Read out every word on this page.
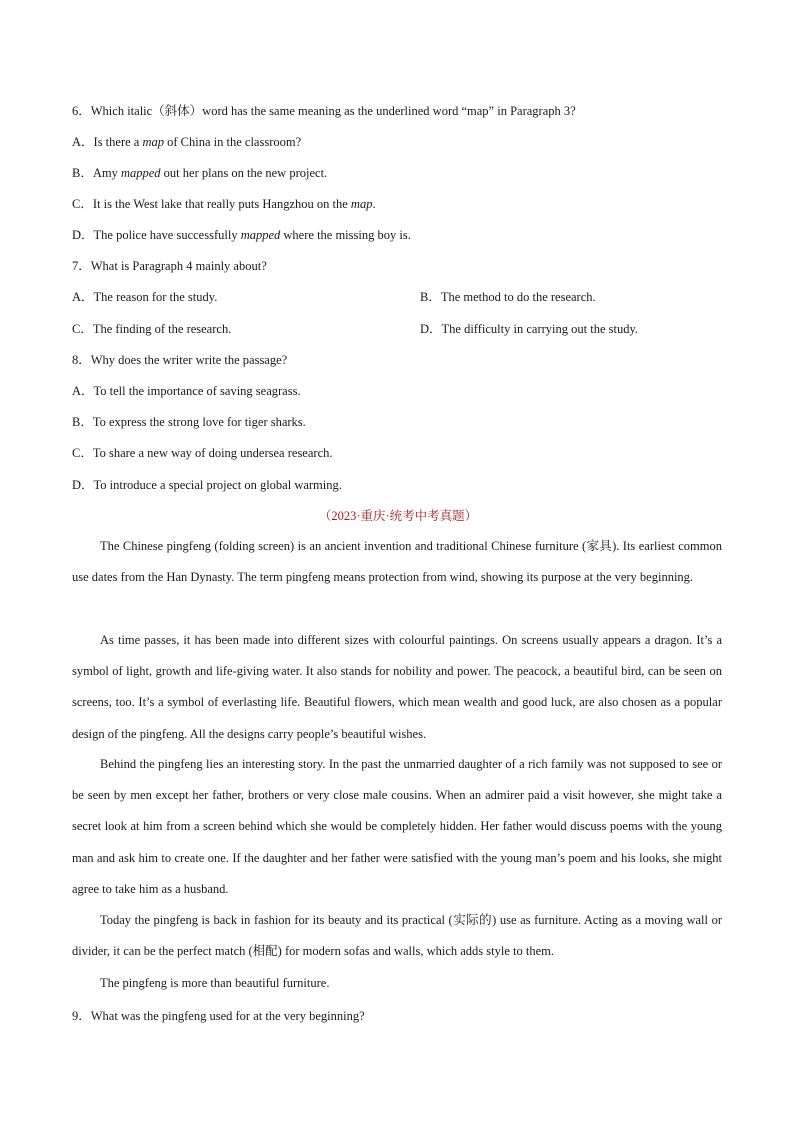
6．Which italic（斜体）word has the same meaning as the underlined word “map” in Paragraph 3?
A．Is there a map of China in the classroom?
B．Amy mapped out her plans on the new project.
C．It is the West lake that really puts Hangzhou on the map.
D．The police have successfully mapped where the missing boy is.
7．What is Paragraph 4 mainly about?
A．The reason for the study.	B．The method to do the research.
C．The finding of the research.	D．The difficulty in carrying out the study.
8．Why does the writer write the passage?
A．To tell the importance of saving seagrass.
B．To express the strong love for tiger sharks.
C．To share a new way of doing undersea research.
D．To introduce a special project on global warming.
（2023·重庆·统考中考真题）
The Chinese pingfeng (folding screen) is an ancient invention and traditional Chinese furniture (家具). Its earliest common use dates from the Han Dynasty. The term pingfeng means protection from wind, showing its purpose at the very beginning.
As time passes, it has been made into different sizes with colourful paintings. On screens usually appears a dragon. It’s a symbol of light, growth and life-giving water. It also stands for nobility and power. The peacock, a beautiful bird, can be seen on screens, too. It’s a symbol of everlasting life. Beautiful flowers, which mean wealth and good luck, are also chosen as a popular design of the pingfeng. All the designs carry people’s beautiful wishes.
Behind the pingfeng lies an interesting story. In the past the unmarried daughter of a rich family was not supposed to see or be seen by men except her father, brothers or very close male cousins. When an admirer paid a visit however, she might take a secret look at him from a screen behind which she would be completely hidden. Her father would discuss poems with the young man and ask him to create one. If the daughter and her father were satisfied with the young man’s poem and his looks, she might agree to take him as a husband.
Today the pingfeng is back in fashion for its beauty and its practical (实际的) use as furniture. Acting as a moving wall or divider, it can be the perfect match (相配) for modern sofas and walls, which adds style to them.
The pingfeng is more than beautiful furniture.
9．What was the pingfeng used for at the very beginning?
